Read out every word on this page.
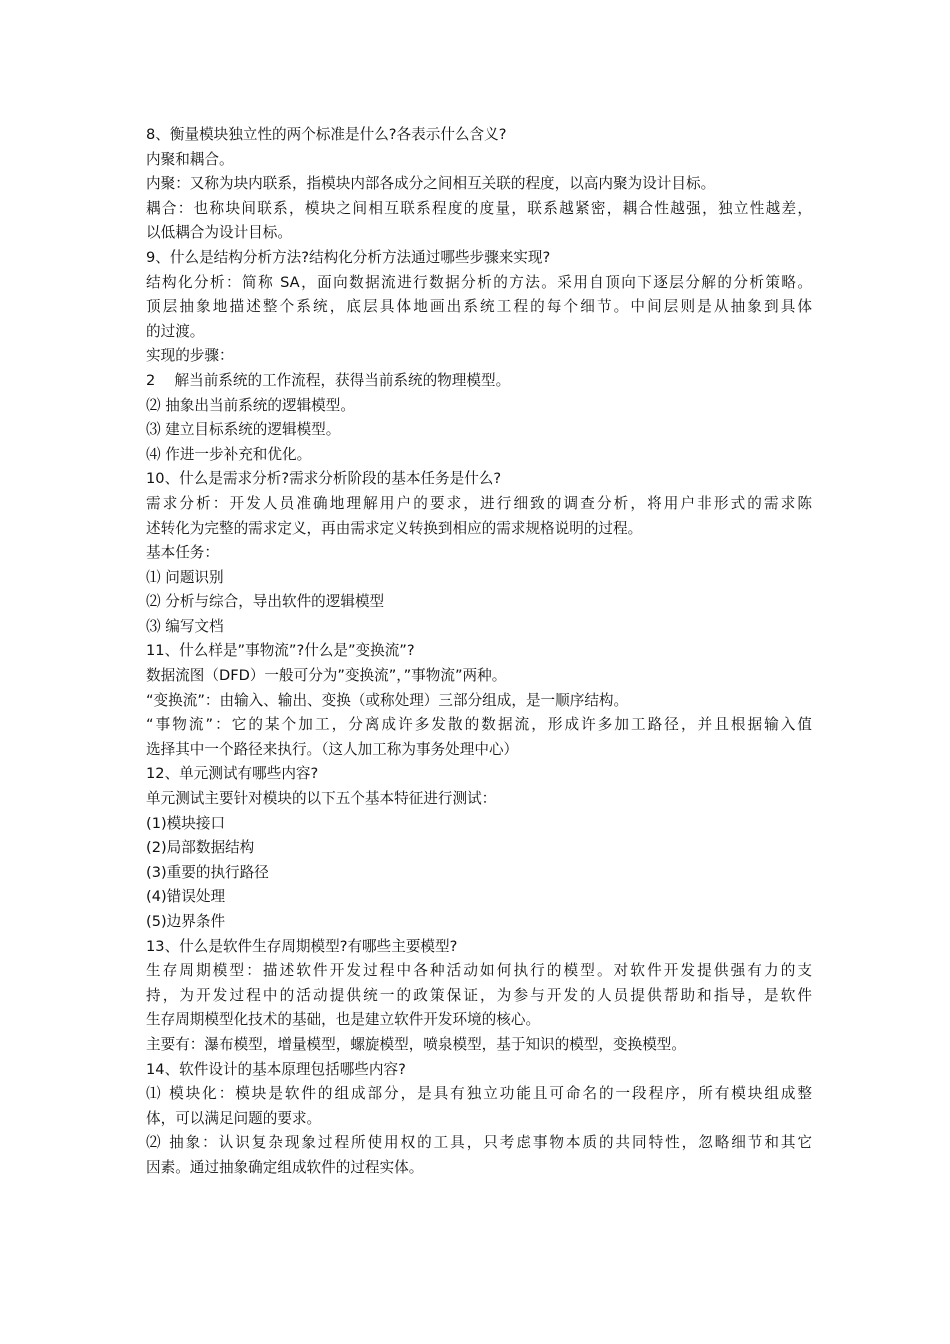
8、衡量模块独立性的两个标准是什么?各表示什么含义?
内聚和耦合。
内聚：又称为块内联系，指模块内部各成分之间相互关联的程度，以高内聚为设计目标。
耦合：也称块间联系，模块之间相互联系程度的度量，联系越紧密，耦合性越强，独立性越差，
以低耦合为设计目标。
9、什么是结构分析方法?结构化分析方法通过哪些步骤来实现?
结构化分析：简称 SA，面向数据流进行数据分析的方法。采用自顶向下逐层分解的分析策略。
顶层抽象地描述整个系统，底层具体地画出系统工程的每个细节。中间层则是从抽象到具体
的过渡。
实现的步骤：
2　 解当前系统的工作流程，获得当前系统的物理模型。
⑵ 抽象出当前系统的逻辑模型。
⑶ 建立目标系统的逻辑模型。
⑷ 作进一步补充和优化。
10、什么是需求分析?需求分析阶段的基本任务是什么?
需求分析：开发人员准确地理解用户的要求，进行细致的调查分析，将用户非形式的需求陈
述转化为完整的需求定义，再由需求定义转换到相应的需求规格说明的过程。
基本任务：
⑴ 问题识别
⑵ 分析与综合，导出软件的逻辑模型
⑶ 编写文档
11、什么样是”事物流”?什么是”变换流”?
数据流图（DFD）一般可分为”变换流”，”事物流”两种。
“变换流”：由输入、输出、变换（或称处理）三部分组成，是一顺序结构。
“事物流”：它的某个加工，分离成许多发散的数据流，形成许多加工路径，并且根据输入值
选择其中一个路径来执行。（这人加工称为事务处理中心）
12、单元测试有哪些内容?
单元测试主要针对模块的以下五个基本特征进行测试：
(1)模块接口
(2)局部数据结构
(3)重要的执行路径
(4)错误处理
(5)边界条件
13、什么是软件生存周期模型?有哪些主要模型?
生存周期模型：描述软件开发过程中各种活动如何执行的模型。对软件开发提供强有力的支
持，为开发过程中的活动提供统一的政策保证，为参与开发的人员提供帮助和指导，是软件
生存周期模型化技术的基础，也是建立软件开发环境的核心。
主要有：瀑布模型，增量模型，螺旋模型，喷泉模型，基于知识的模型，变换模型。
14、软件设计的基本原理包括哪些内容?
⑴ 模块化：模块是软件的组成部分，是具有独立功能且可命名的一段程序，所有模块组成整
体，可以满足问题的要求。
⑵ 抽象：认识复杂现象过程所使用权的工具，只考虑事物本质的共同特性，忽略细节和其它
因素。通过抽象确定组成软件的过程实体。
